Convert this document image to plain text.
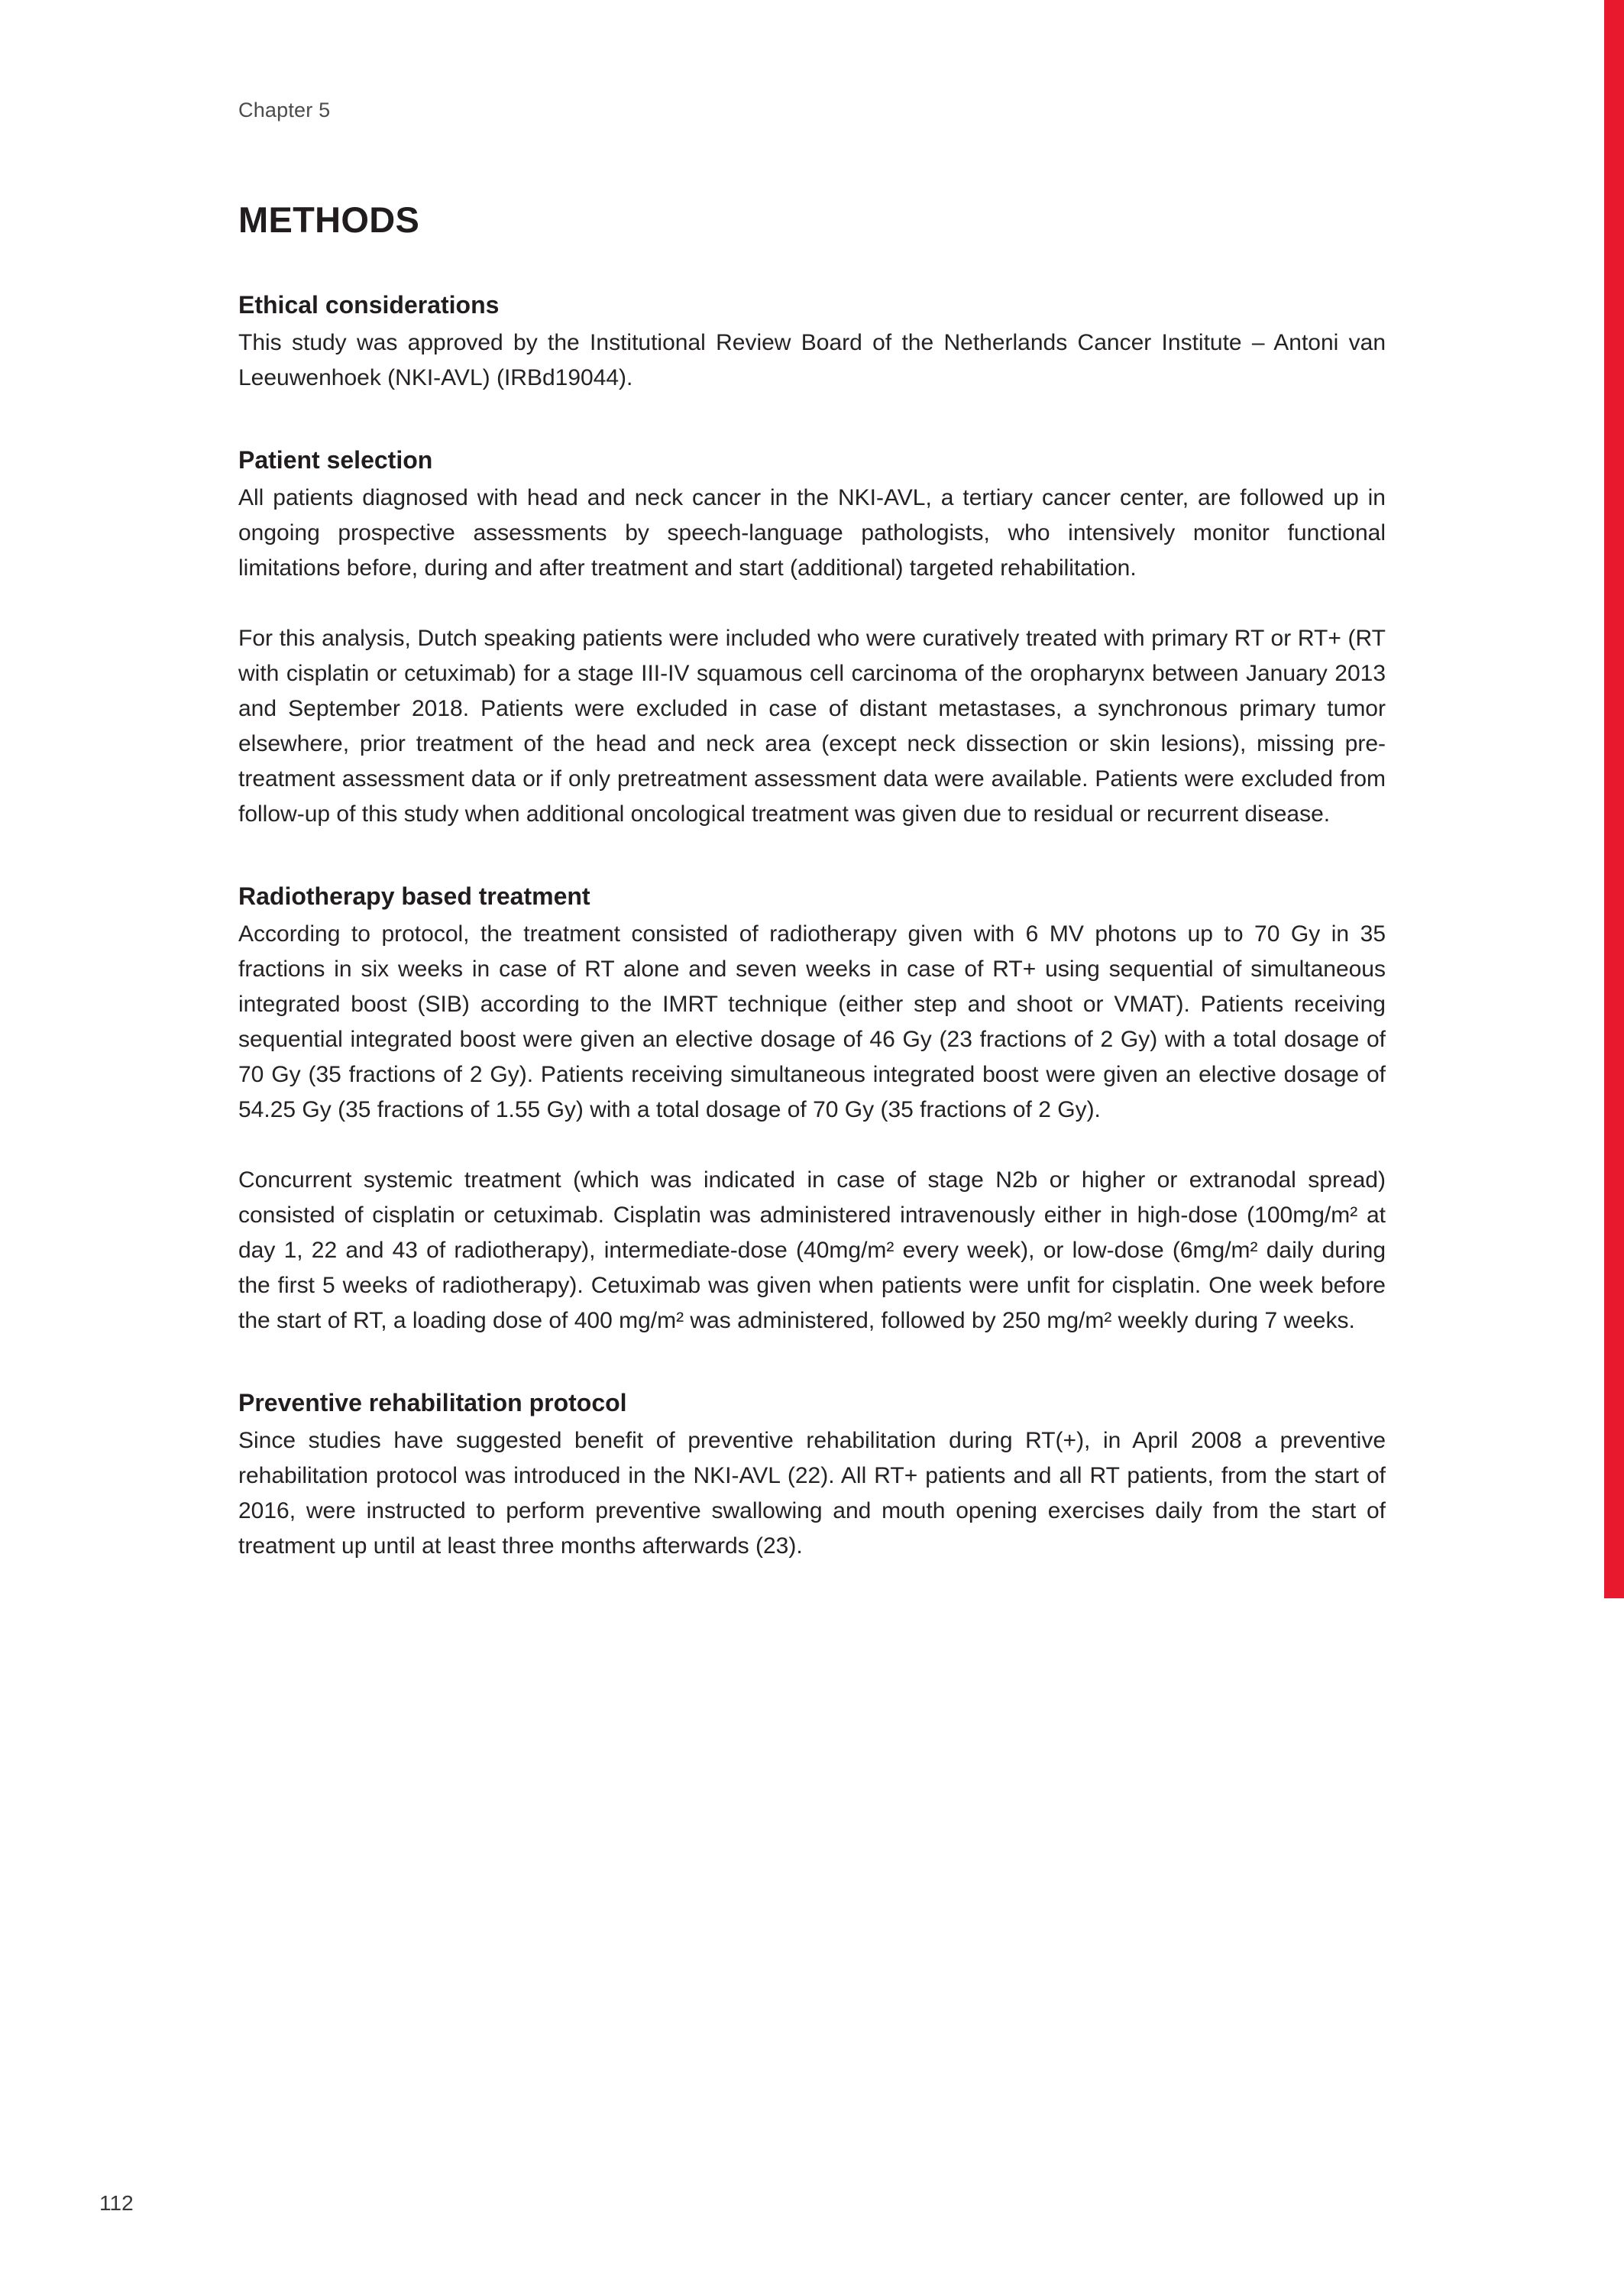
Chapter 5
METHODS
Ethical considerations

This study was approved by the Institutional Review Board of the Netherlands Cancer Institute – Antoni van Leeuwenhoek (NKI-AVL) (IRBd19044).

Patient selection

All patients diagnosed with head and neck cancer in the NKI-AVL, a tertiary cancer center, are followed up in ongoing prospective assessments by speech-language pathologists, who intensively monitor functional limitations before, during and after treatment and start (additional) targeted rehabilitation.

For this analysis, Dutch speaking patients were included who were curatively treated with primary RT or RT+ (RT with cisplatin or cetuximab) for a stage III-IV squamous cell carcinoma of the oropharynx between January 2013 and September 2018. Patients were excluded in case of distant metastases, a synchronous primary tumor elsewhere, prior treatment of the head and neck area (except neck dissection or skin lesions), missing pre-treatment assessment data or if only pretreatment assessment data were available. Patients were excluded from follow-up of this study when additional oncological treatment was given due to residual or recurrent disease.

Radiotherapy based treatment

According to protocol, the treatment consisted of radiotherapy given with 6 MV photons up to 70 Gy in 35 fractions in six weeks in case of RT alone and seven weeks in case of RT+ using sequential of simultaneous integrated boost (SIB) according to the IMRT technique (either step and shoot or VMAT). Patients receiving sequential integrated boost were given an elective dosage of 46 Gy (23 fractions of 2 Gy) with a total dosage of 70 Gy (35 fractions of 2 Gy). Patients receiving simultaneous integrated boost were given an elective dosage of 54.25 Gy (35 fractions of 1.55 Gy) with a total dosage of 70 Gy (35 fractions of 2 Gy).

Concurrent systemic treatment (which was indicated in case of stage N2b or higher or extranodal spread) consisted of cisplatin or cetuximab. Cisplatin was administered intravenously either in high-dose (100mg/m² at day 1, 22 and 43 of radiotherapy), intermediate-dose (40mg/m² every week), or low-dose (6mg/m² daily during the first 5 weeks of radiotherapy). Cetuximab was given when patients were unfit for cisplatin. One week before the start of RT, a loading dose of 400 mg/m² was administered, followed by 250 mg/m² weekly during 7 weeks.

Preventive rehabilitation protocol

Since studies have suggested benefit of preventive rehabilitation during RT(+), in April 2008 a preventive rehabilitation protocol was introduced in the NKI-AVL (22). All RT+ patients and all RT patients, from the start of 2016, were instructed to perform preventive swallowing and mouth opening exercises daily from the start of treatment up until at least three months afterwards (23).

112
